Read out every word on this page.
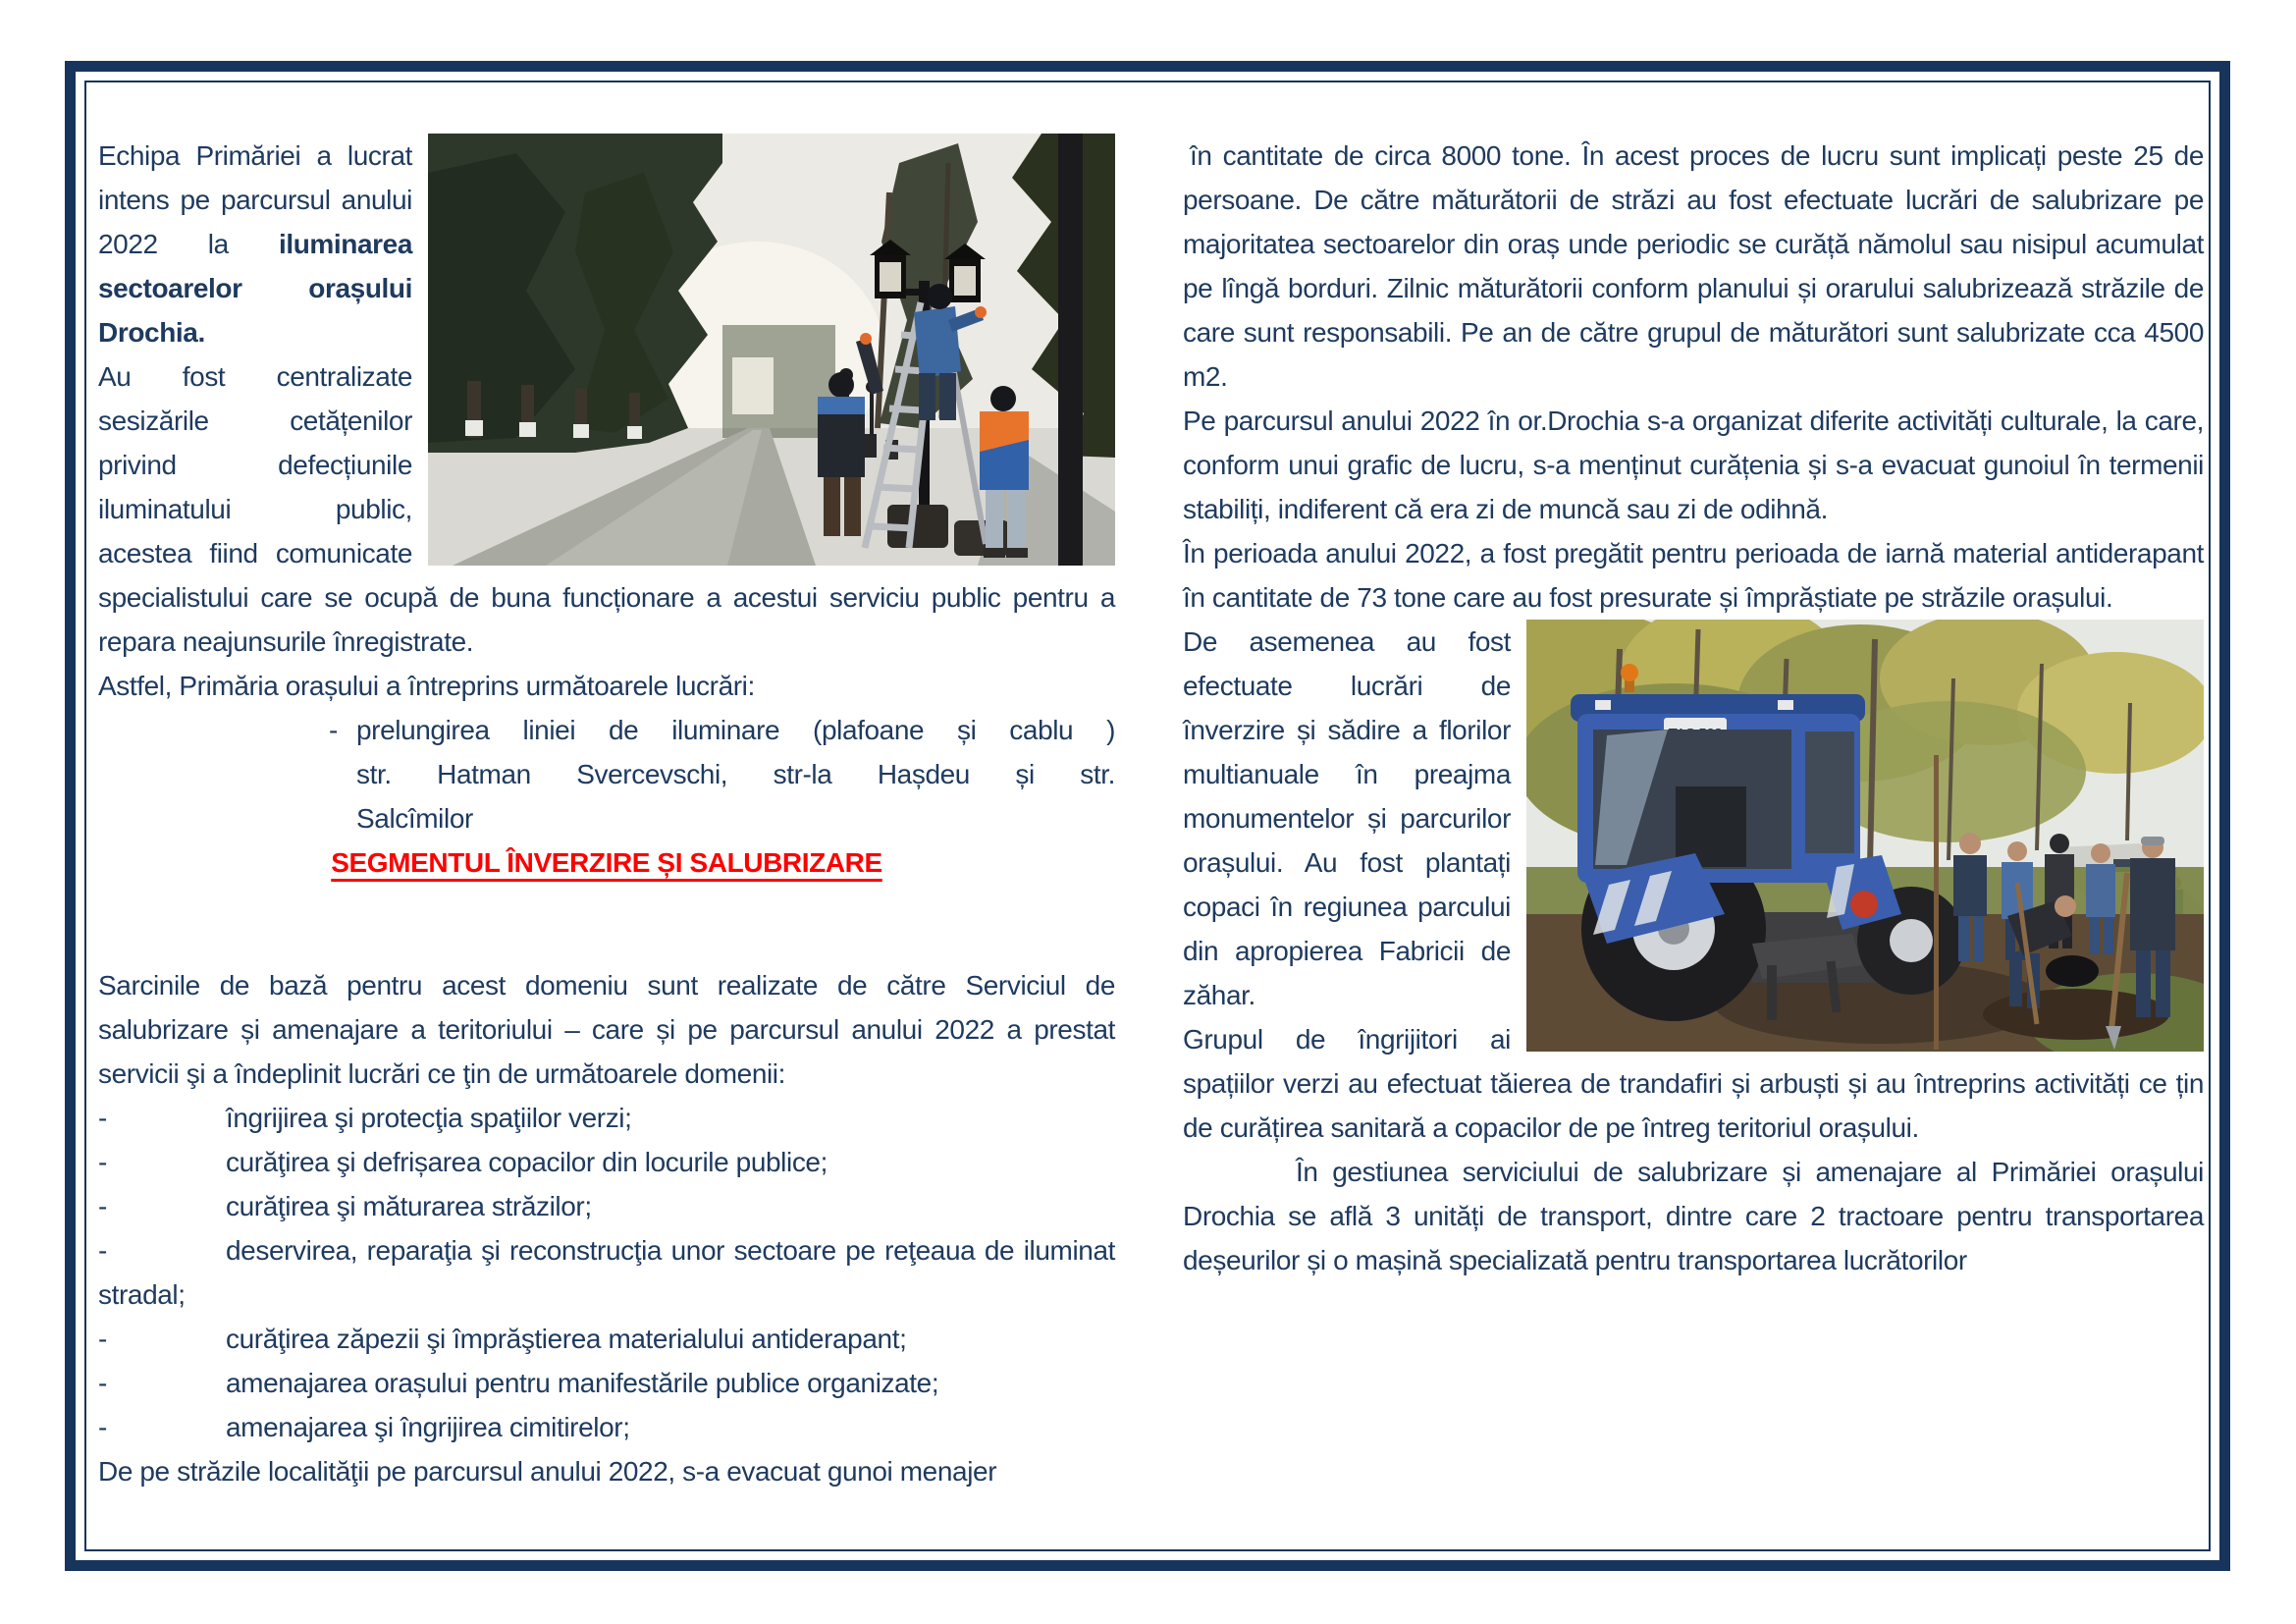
Echipa Primăriei a lucrat intens pe parcursul anului 2022 la iluminarea sectoarelor orașului Drochia.

Au fost centralizate sesizările cetățenilor privind defecțiunile iluminatului public, acestea fiind comunicate specialistului care se ocupă de buna funcționare a acestui serviciu public pentru a repara neajunsurile înregistrate.

Astfel, Primăria orașului a întreprins următoarele lucrări:

- prelungirea liniei de iluminare (plafoane și cablu )
str. Hatman Svercevschi, str-la Hașdeu și str.
Salcîmilor

SEGMENTUL ÎNVERZIRE ȘI SALUBRIZARE

Sarcinile de bază pentru acest domeniu sunt realizate de către Serviciul de salubrizare și amenajare a teritoriului – care și pe parcursul anului 2022 a prestat servicii şi a îndeplinit lucrări ce ţin de următoarele domenii:

-	îngrijirea şi protecţia spaţiilor verzi;

-	curăţirea şi defrișarea copacilor din locurile publice;

-	curăţirea şi măturarea străzilor;

-	deservirea, reparaţia şi reconstrucţia unor sectoare pe reţeaua de iluminat stradal;

-	curăţirea zăpezii şi împrăştierea materialului antiderapant;

-	amenajarea orașului pentru manifestările publice organizate;

-	amenajarea şi îngrijirea cimitirelor;

De pe străzile localităţii pe parcursul anului 2022, s-a evacuat gunoi menajer

în cantitate de circa 8000 tone. În acest proces de lucru sunt implicați peste 25 de persoane. De către măturătorii de străzi au fost efectuate lucrări de salubrizare pe majoritatea sectoarelor din oraș unde periodic se curăță nămolul sau nisipul acumulat pe lîngă borduri. Zilnic măturătorii conform planului și orarului salubrizează străzile de care sunt responsabili. Pe an de către grupul de măturători sunt salubrizate cca 4500 m2.

Pe parcursul anului 2022 în or.Drochia s-a organizat diferite activități culturale, la care, conform unui grafic de lucru, s-a menținut curățenia și s-a evacuat gunoiul în termenii stabiliți, indiferent că era zi de muncă sau zi de odihnă.

În perioada anului 2022, a fost pregătit pentru perioada de iarnă material antiderapant în cantitate de 73 tone care au fost presurate și împrăștiate pe străzile orașului.

De asemenea au fost efectuate lucrări de înverzire și sădire a florilor multianuale în preajma monumentelor și parcurilor orașului. Au fost plantați copaci în regiunea parcului din apropierea Fabricii de zăhar.

Grupul de îngrijitori ai spațiilor verzi au efectuat tăierea de trandafiri și arbuști și au întreprins activități ce țin de curățirea sanitară a copacilor de pe întreg teritoriul orașului.

În gestiunea serviciului de salubrizare și amenajare al Primăriei orașului Drochia se află 3 unități de transport, dintre care 2 tractoare pentru transportarea deșeurilor și o mașină specializată pentru transportarea lucrătorilor
